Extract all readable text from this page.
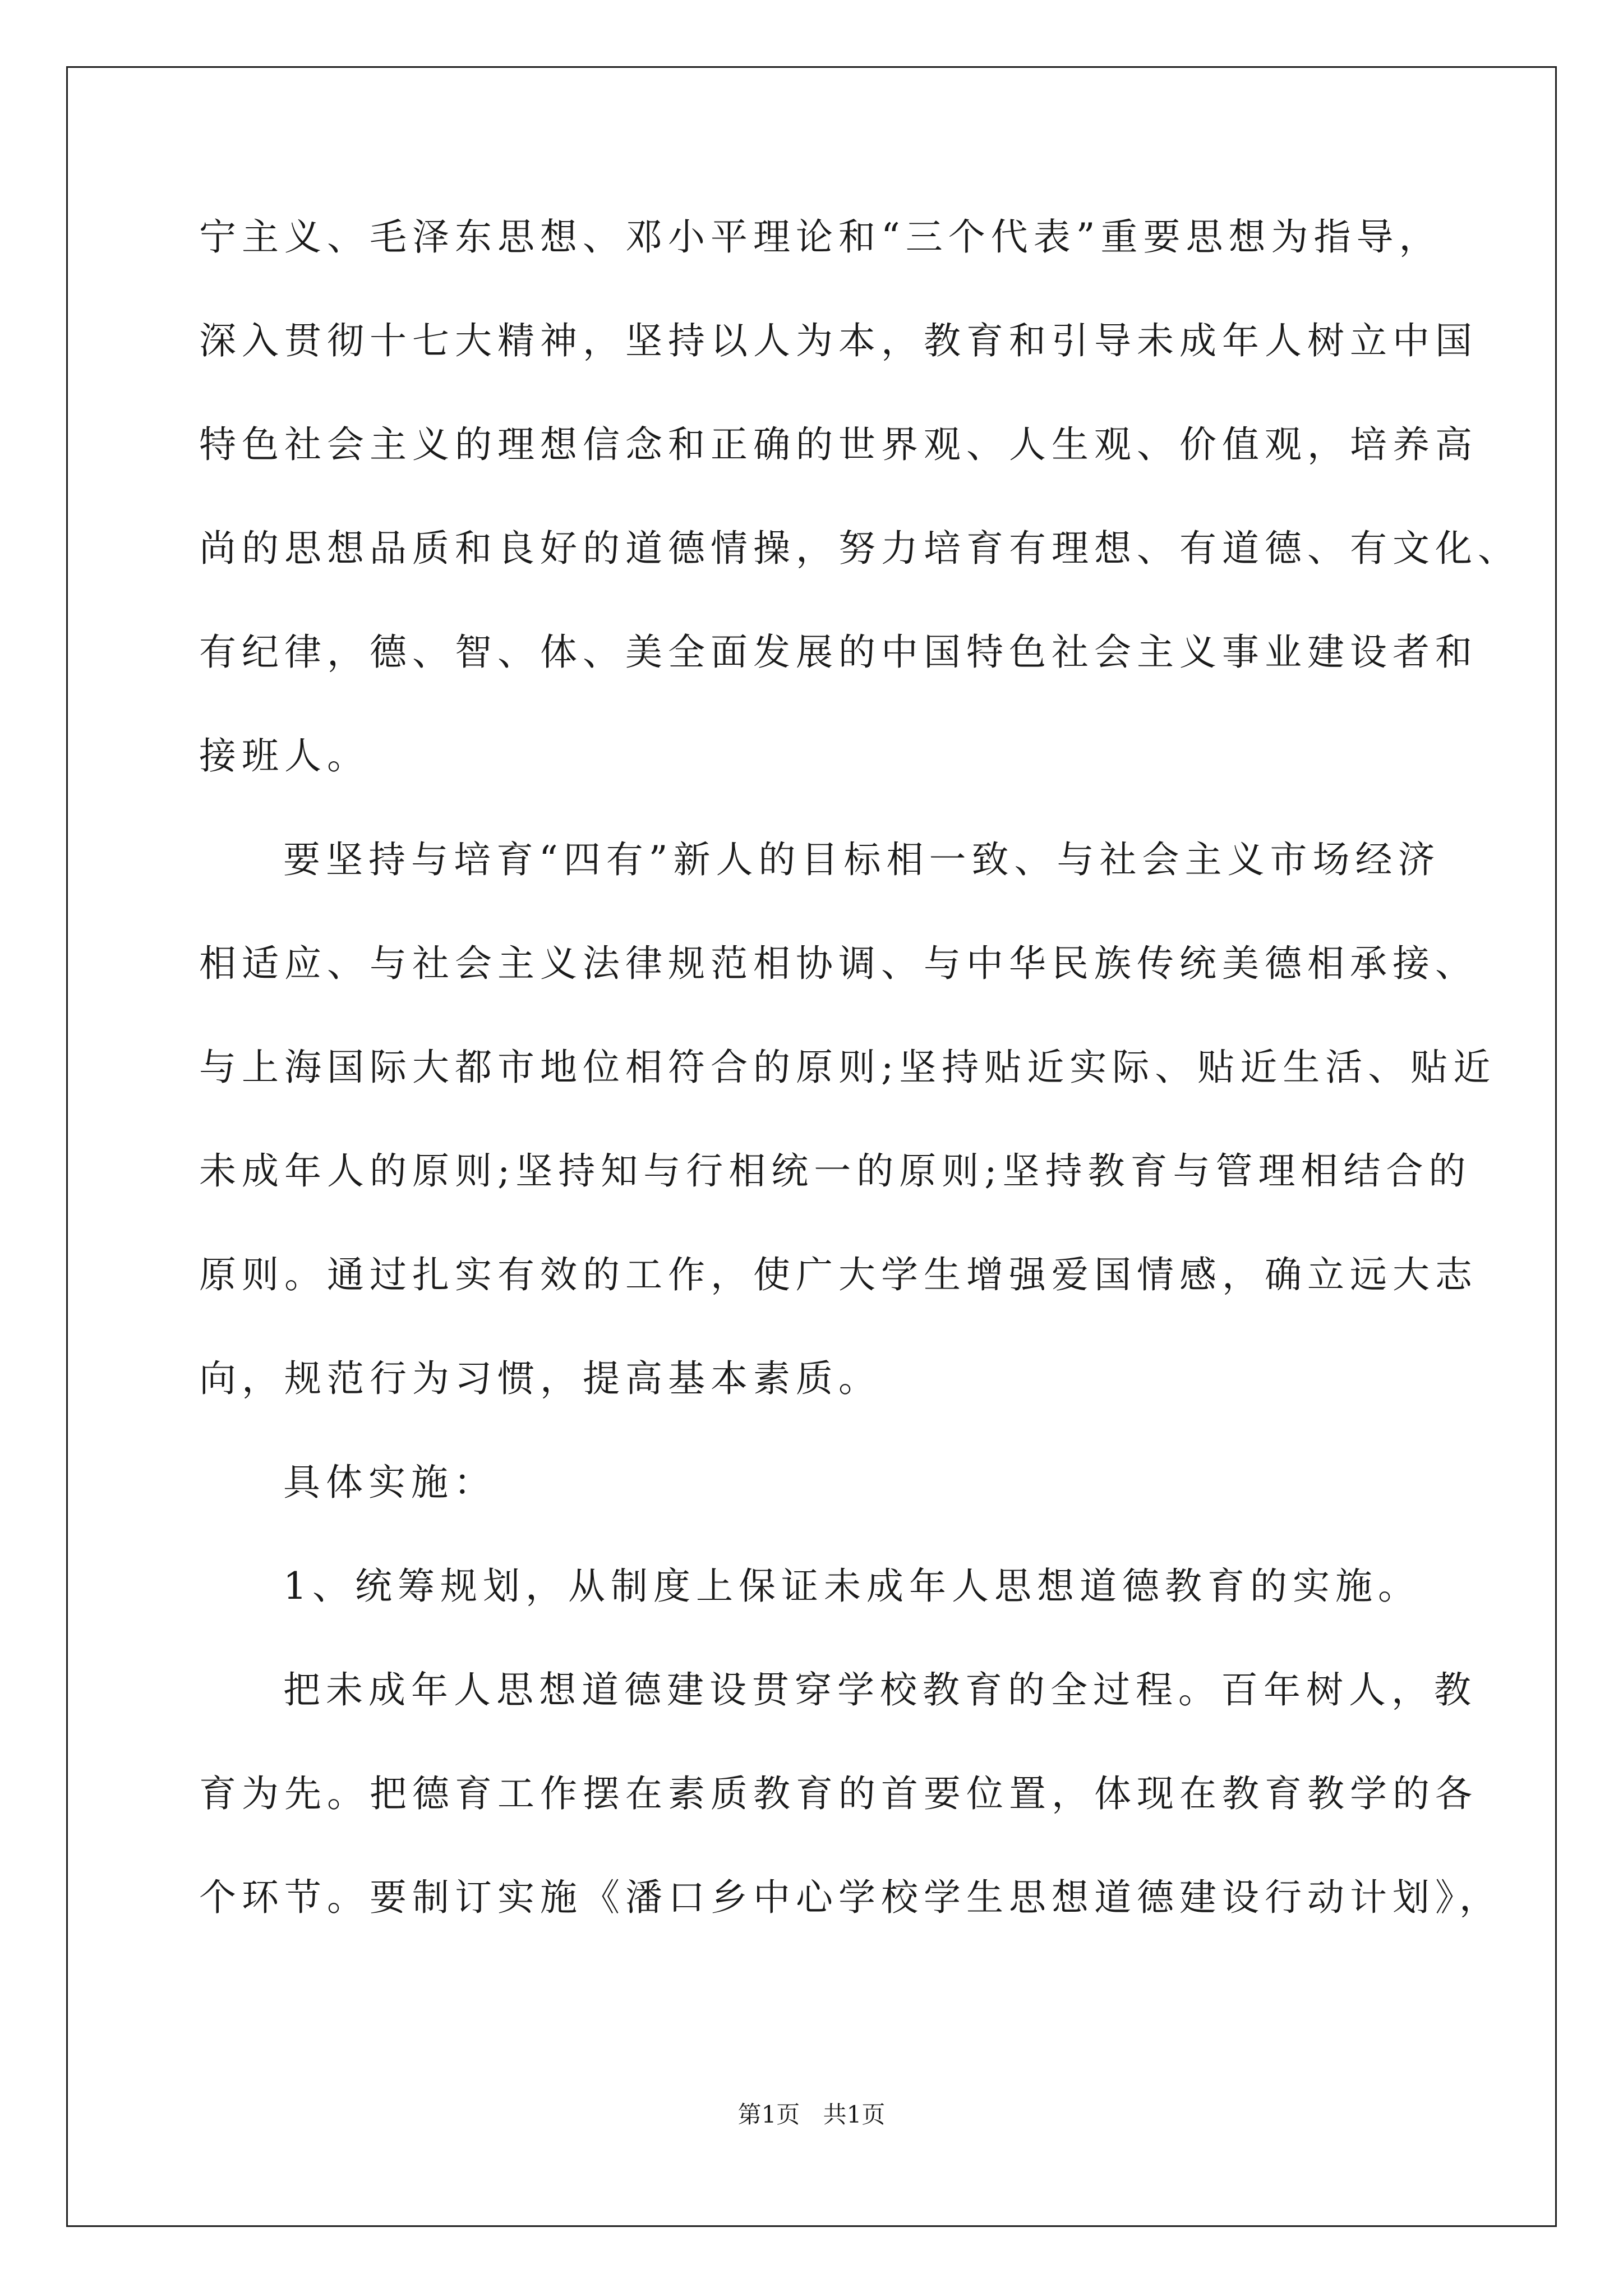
宁主义、毛泽东思想、邓小平理论和“三个代表”重要思想为指导，
深入贯彻十七大精神，坚持以人为本，教育和引导未成年人树立中国
特色社会主义的理想信念和正确的世界观、人生观、价值观，培养高
尚的思想品质和良好的道德情操，努力培育有理想、有道德、有文化、
有纪律，德、智、体、美全面发展的中国特色社会主义事业建设者和
接班人。
要坚持与培育“四有”新人的目标相一致、与社会主义市场经济
相适应、与社会主义法律规范相协调、与中华民族传统美德相承接、
与上海国际大都市地位相符合的原则;坚持贴近实际、贴近生活、贴近
未成年人的原则;坚持知与行相统一的原则;坚持教育与管理相结合的
原则。通过扎实有效的工作，使广大学生增强爱国情感，确立远大志
向，规范行为习惯，提高基本素质。
具体实施：
1、统筹规划，从制度上保证未成年人思想道德教育的实施。
把未成年人思想道德建设贯穿学校教育的全过程。百年树人，教
育为先。把德育工作摆在素质教育的首要位置，体现在教育教学的各
个环节。要制订实施《潘口乡中心学校学生思想道德建设行动计划》，
第1页 共1页
